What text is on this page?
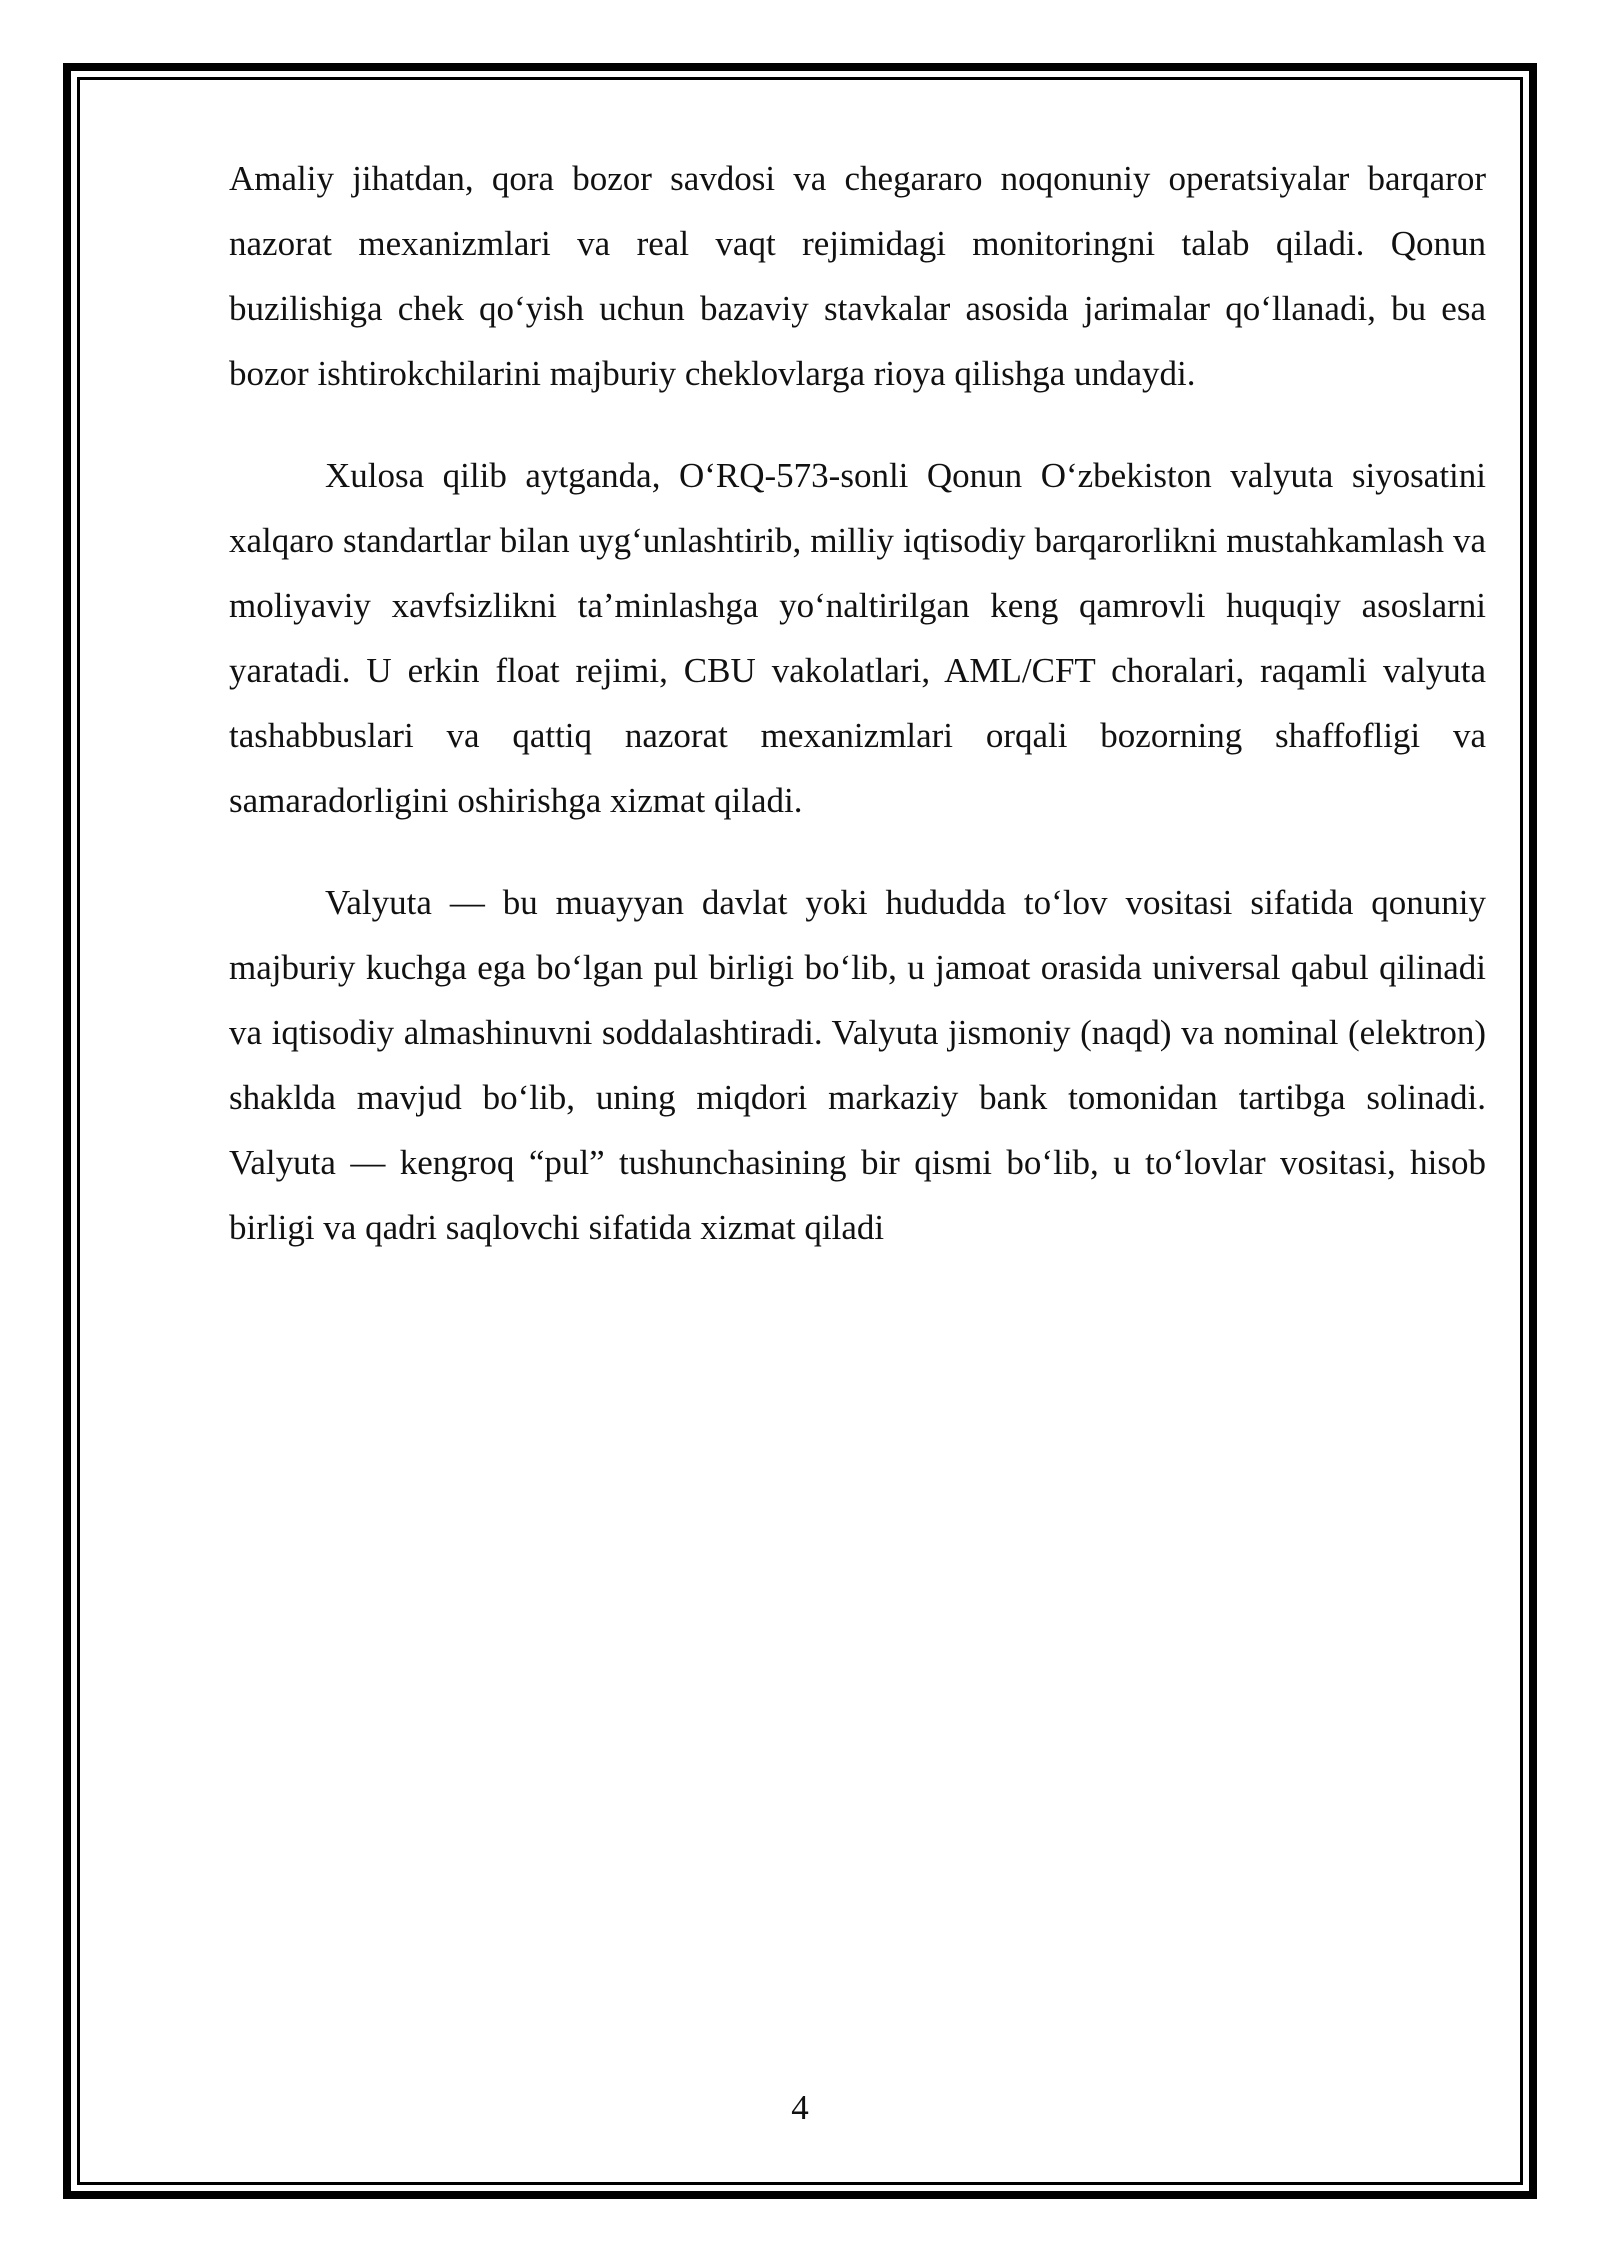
Amaliy jihatdan, qora bozor savdosi va chegararo noqonuniy operatsiyalar barqaror nazorat mexanizmlari va real vaqt rejimidagi monitoringni talab qiladi. Qonun buzilishiga chek qo‘yish uchun bazaviy stavkalar asosida jarimalar qo‘llanadi, bu esa bozor ishtirokchilarini majburiy cheklovlarga rioya qilishga undaydi.

Xulosa qilib aytganda, O‘RQ-573-sonli Qonun O‘zbekiston valyuta siyosatini xalqaro standartlar bilan uyg‘unlashtirib, milliy iqtisodiy barqarorlikni mustahkamlash va moliyaviy xavfsizlikni ta’minlashga yo‘naltirilgan keng qamrovli huquqiy asoslarni yaratadi. U erkin float rejimi, CBU vakolatlari, AML/CFT choralari, raqamli valyuta tashabbuslari va qattiq nazorat mexanizmlari orqali bozorning shaffofligi va samaradorligini oshirishga xizmat qiladi.

Valyuta — bu muayyan davlat yoki hududda to‘lov vositasi sifatida qonuniy majburiy kuchga ega bo‘lgan pul birligi bo‘lib, u jamoat orasida universal qabul qilinadi va iqtisodiy almashinuvni soddalashtiradi. Valyuta jismoniy (naqd) va nominal (elektron) shaklda mavjud bo‘lib, uning miqdori markaziy bank tomonidan tartibga solinadi. Valyuta — kengroq “pul” tushunchasining bir qismi bo‘lib, u to‘lovlar vositasi, hisob birligi va qadri saqlovchi sifatida xizmat qiladi

4
